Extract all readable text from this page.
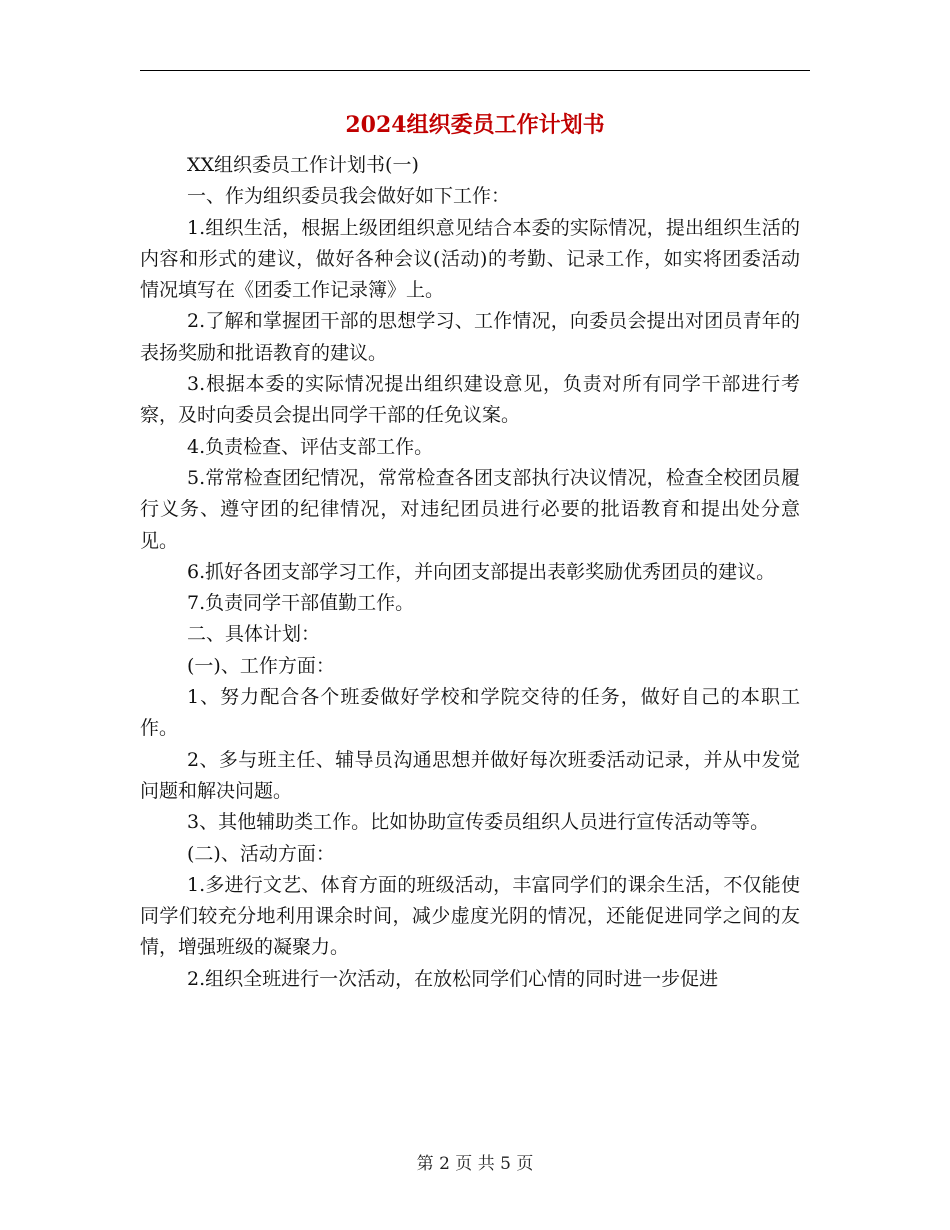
2024组织委员工作计划书

XX组织委员工作计划书(一)

一、作为组织委员我会做好如下工作：

1.组织生活，根据上级团组织意见结合本委的实际情况，提出组织生活的内容和形式的建议，做好各种会议(活动)的考勤、记录工作，如实将团委活动情况填写在《团委工作记录簿》上。

2.了解和掌握团干部的思想学习、工作情况，向委员会提出对团员青年的表扬奖励和批语教育的建议。

3.根据本委的实际情况提出组织建设意见，负责对所有同学干部进行考察，及时向委员会提出同学干部的任免议案。

4.负责检查、评估支部工作。

5.常常检查团纪情况，常常检查各团支部执行决议情况，检查全校团员履行义务、遵守团的纪律情况，对违纪团员进行必要的批语教育和提出处分意见。

6.抓好各团支部学习工作，并向团支部提出表彰奖励优秀团员的建议。

7.负责同学干部值勤工作。

二、具体计划：

(一)、工作方面：

1、努力配合各个班委做好学校和学院交待的任务，做好自己的本职工作。

2、多与班主任、辅导员沟通思想并做好每次班委活动记录，并从中发觉问题和解决问题。

3、其他辅助类工作。比如协助宣传委员组织人员进行宣传活动等等。

(二)、活动方面：

1.多进行文艺、体育方面的班级活动，丰富同学们的课余生活，不仅能使同学们较充分地利用课余时间，减少虚度光阴的情况，还能促进同学之间的友情，增强班级的凝聚力。

2.组织全班进行一次活动，在放松同学们心情的同时进一步促进

第 2 页 共 5 页
